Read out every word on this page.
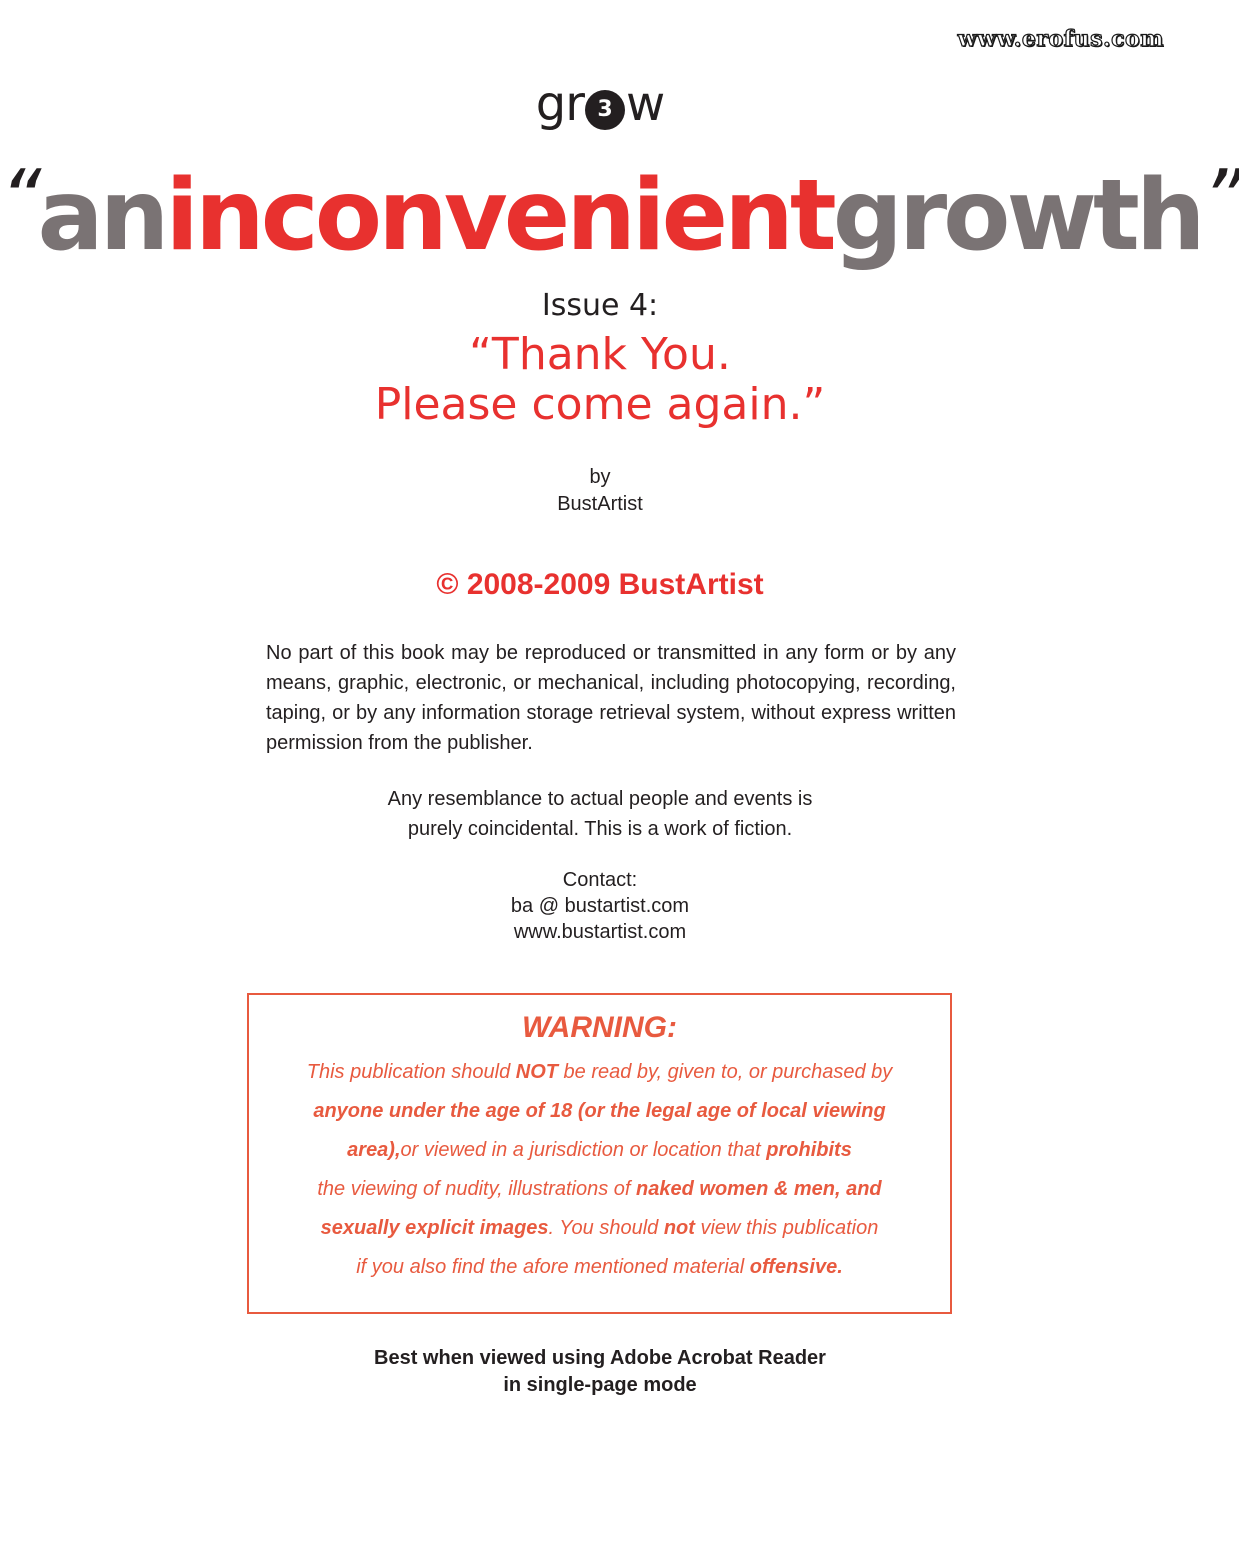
www.erofus.com
gr 3 w
“aninconvenientgrowth”
Issue 4:
“Thank You.
Please come again.”
by
BustArtist
© 2008-2009 BustArtist

No part of this book may be reproduced or transmitted in any form or by any means, graphic, electronic, or mechanical, including photocopying, recording, taping, or by any information storage retrieval system, without express written permission from the publisher.

Any resemblance to actual people and events is
purely coincidental. This is a work of fiction.
Contact:
ba @ bustartist.com
www.bustartist.com
WARNING:
This publication should NOT be read by, given to, or purchased by
anyone under the age of 18 (or the legal age of local viewing
area),or viewed in a jurisdiction or location that prohibits
the viewing of nudity, illustrations of naked women & men, and
sexually explicit images. You should not view this publication
if you also find the afore mentioned material offensive.
Best when viewed using Adobe Acrobat Reader
in single-page mode
